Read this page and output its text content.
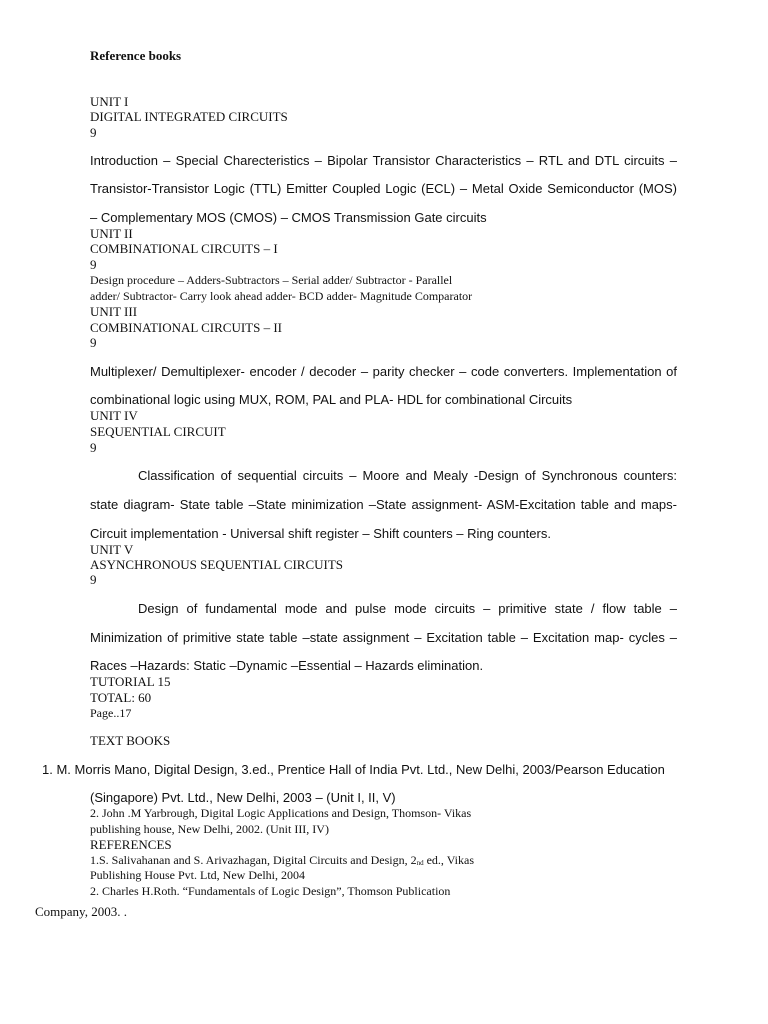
Reference books
UNIT I
DIGITAL INTEGRATED CIRCUITS
9
Introduction – Special Charecteristics – Bipolar Transistor Characteristics – RTL and DTL circuits –
Transistor-Transistor Logic (TTL) Emitter Coupled Logic (ECL) – Metal Oxide Semiconductor (MOS)
– Complementary MOS (CMOS) – CMOS Transmission Gate circuits
UNIT II
COMBINATIONAL CIRCUITS – I
9
Design procedure – Adders-Subtractors – Serial adder/ Subtractor - Parallel
adder/ Subtractor- Carry look ahead adder- BCD adder- Magnitude Comparator
UNIT III
COMBINATIONAL CIRCUITS – II
9
Multiplexer/ Demultiplexer- encoder / decoder – parity checker – code converters. Implementation of
combinational logic using MUX, ROM, PAL and PLA- HDL for combinational Circuits
UNIT IV
SEQUENTIAL CIRCUIT
9
Classification of sequential circuits – Moore and Mealy -Design of Synchronous counters:
state diagram- State table –State minimization –State assignment- ASM-Excitation table and maps-
Circuit implementation - Universal shift register – Shift counters – Ring counters.
UNIT V
ASYNCHRONOUS SEQUENTIAL CIRCUITS
9
Design of fundamental mode and pulse mode circuits – primitive state / flow table –
Minimization of primitive state table –state assignment – Excitation table – Excitation map- cycles –
Races –Hazards: Static –Dynamic –Essential – Hazards elimination.
TUTORIAL 15
TOTAL: 60
Page..17
TEXT BOOKS
1. M. Morris Mano, Digital Design, 3.ed., Prentice Hall of India Pvt. Ltd., New Delhi, 2003/Pearson Education
(Singapore) Pvt. Ltd., New Delhi, 2003 – (Unit I, II, V)
2. John .M Yarbrough, Digital Logic Applications and Design, Thomson- Vikas
publishing house, New Delhi, 2002. (Unit III, IV)
REFERENCES
1.S. Salivahanan and S. Arivazhagan, Digital Circuits and Design, $2_{nd}$ ed., Vikas
Publishing House Pvt. Ltd, New Delhi, 2004
2. Charles H.Roth. “Fundamentals of Logic Design”, Thomson Publication
Company, 2003. .
